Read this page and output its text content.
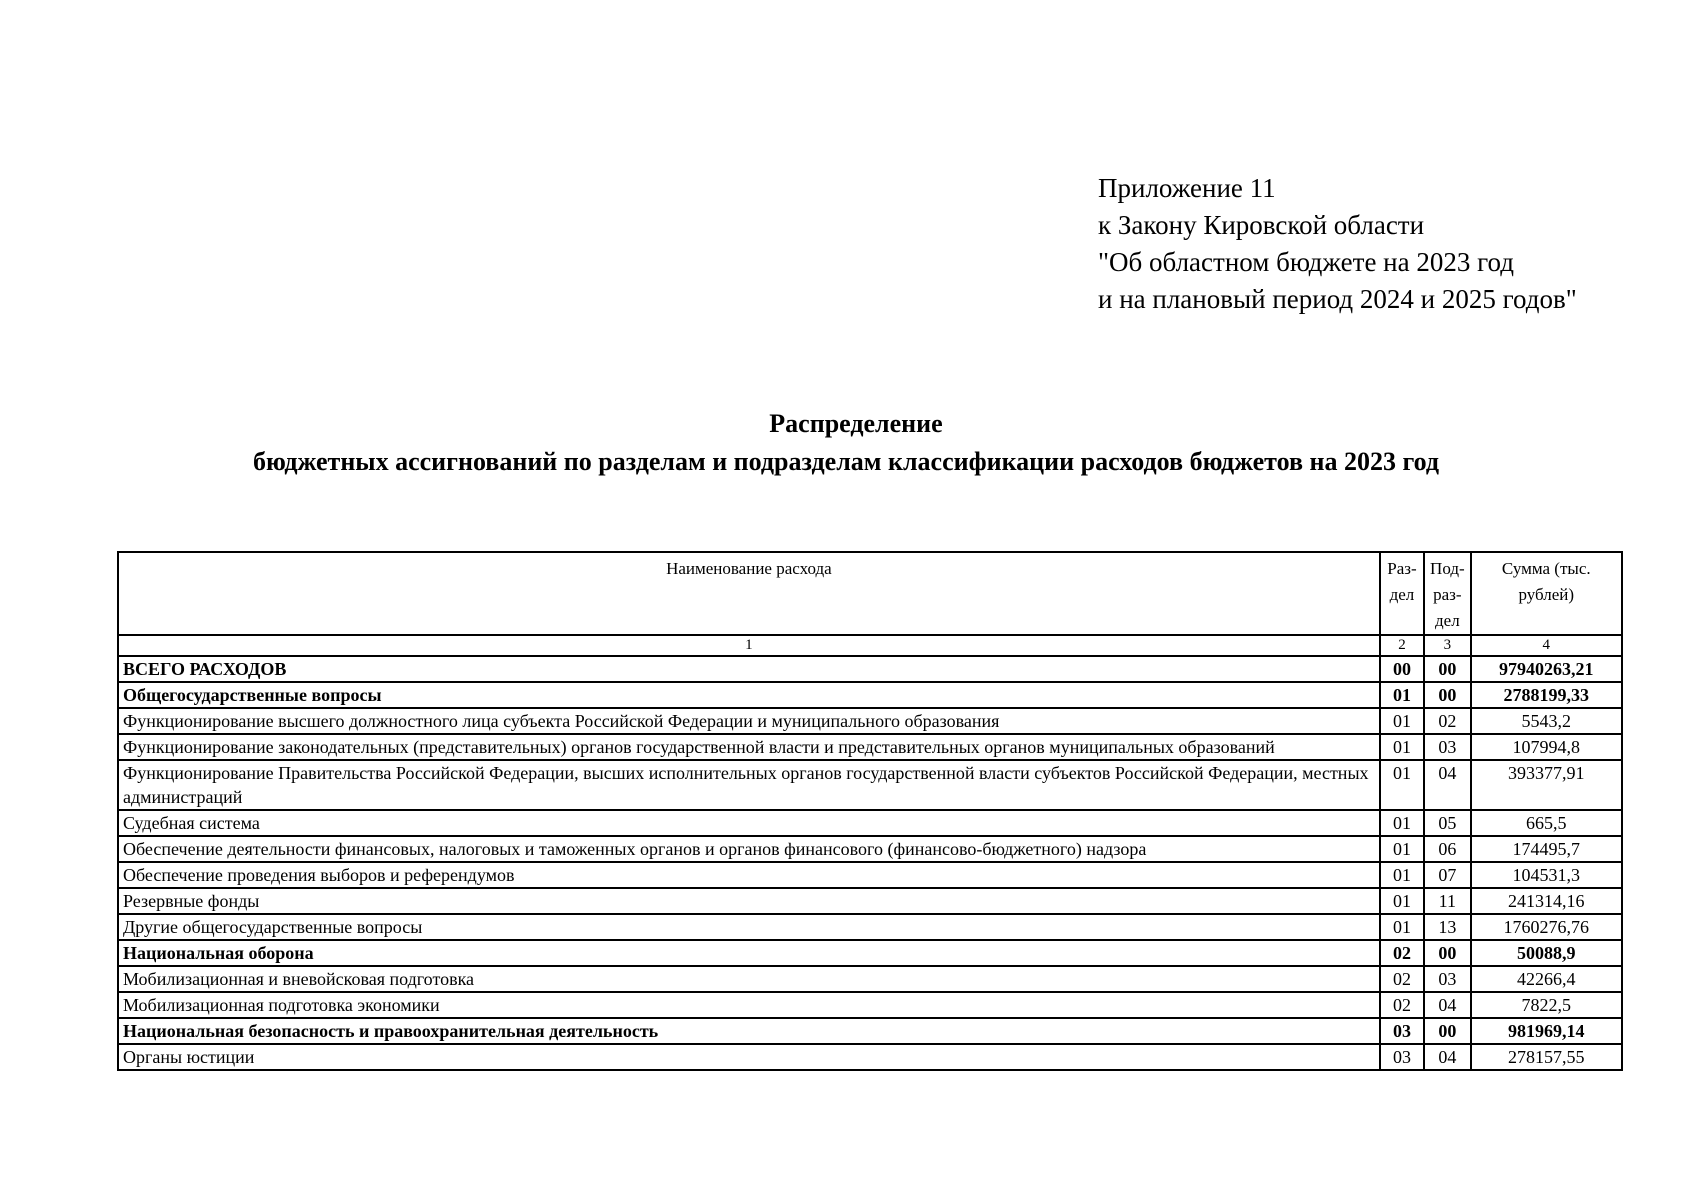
Приложение 11
к Закону Кировской области
"Об областном бюджете на 2023 год
и на плановый период 2024 и 2025 годов"
Распределение
бюджетных ассигнований по разделам и подразделам классификации расходов бюджетов на 2023 год
Наименование расхода	Раз- дел	Под- раз- дел	Сумма (тыс. рублей)
1	2	3	4
ВСЕГО РАСХОДОВ	00	00	97940263,21
Общегосударственные вопросы	01	00	2788199,33
Функционирование высшего должностного лица субъекта Российской Федерации и муниципального образования	01	02	5543,2
Функционирование законодательных (представительных) органов государственной власти и представительных органов муниципальных образований	01	03	107994,8
Функционирование Правительства Российской Федерации, высших исполнительных органов государственной власти субъектов Российской Федерации, местных администраций	01	04	393377,91
Судебная система	01	05	665,5
Обеспечение деятельности финансовых, налоговых и таможенных органов и органов финансового (финансово-бюджетного) надзора	01	06	174495,7
Обеспечение проведения выборов и референдумов	01	07	104531,3
Резервные фонды	01	11	241314,16
Другие общегосударственные вопросы	01	13	1760276,76
Национальная оборона	02	00	50088,9
Мобилизационная и вневойсковая подготовка	02	03	42266,4
Мобилизационная подготовка экономики	02	04	7822,5
Национальная безопасность и правоохранительная деятельность	03	00	981969,14
Органы юстиции	03	04	278157,55
